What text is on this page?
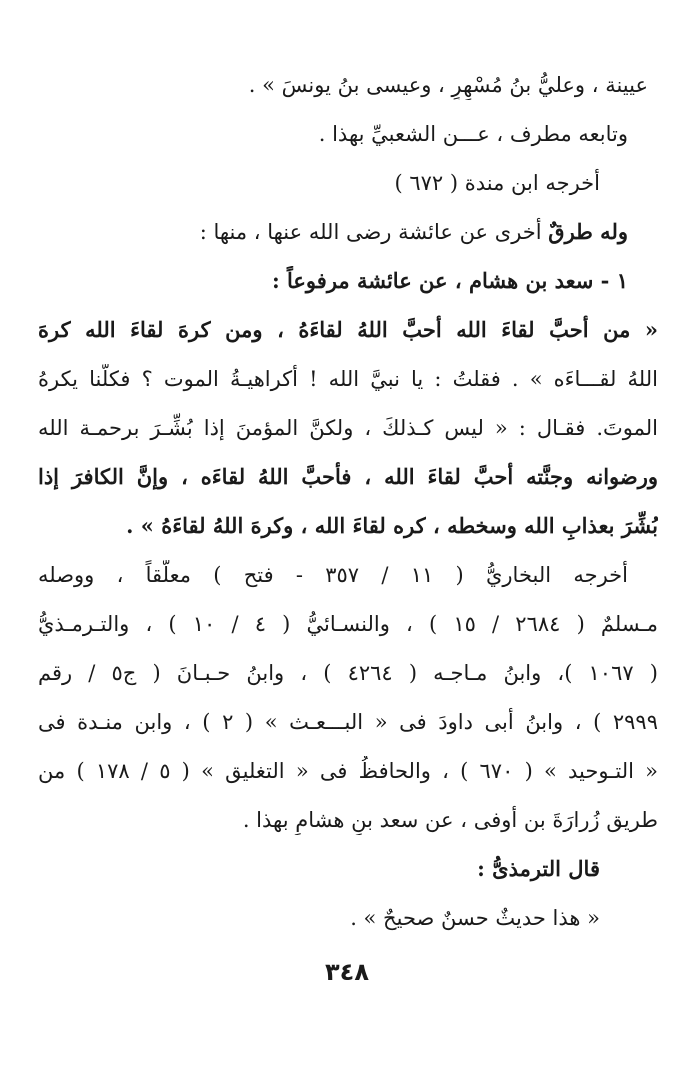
عيينة ، وعليُّ بنُ مُسْهِرٍ ، وعيسى بنُ يونسَ » .
وتابعه مطرف ، عـــن الشعبيِّ بهذا .
أخرجه ابن مندة ( ٦٧٢ )
وله طرقٌ أخرى عن عائشة رضى الله عنها ، منها :
١ - سعد بن هشام ، عن عائشة مرفوعاً :
« من أحبَّ لقاءَ الله أحبَّ اللهُ لقاءَهُ ، ومن كرهَ لقاءَ الله كرهَ
اللهُ لقـــاءَه » . فقلتُ : يا نبيَّ الله ! أكراهيـةُ الموت ؟ فكلُّنا يكرهُ
الموتَ. فقـال : « ليس كـذلكَ ، ولكنَّ المؤمنَ إذا بُشِّـرَ برحمـة الله
ورضوانه وجنَّته أحبَّ لقاءَ الله ، فأحبَّ اللهُ لقاءَه ، وإنَّ الكافرَ إذا
بُشِّرَ بعذابِ الله وسخطه ، كره لقاءَ الله ، وكرهَ اللهُ لقاءَهُ » .
أخرجه البخاريُّ ( ١١ / ٣٥٧ - فتح ) معلَّقاً ، ووصله
مـسلمٌ ( ٢٦٨٤ / ١٥ ) ، والنسـائيُّ ( ٤ / ١٠ ) ، والتـرمـذيُّ
( ١٠٦٧ )، وابنُ مـاجـه ( ٤٢٦٤ ) ، وابنُ حـبـانَ ( ج٥ / رقم
٢٩٩٩ ) ، وابنُ أبى داودَ فى « البـــعـث » ( ٢ ) ، وابن منـدة فى
« التـوحيد » ( ٦٧٠ ) ، والحافظُ فى « التغليق » ( ٥ / ١٧٨ ) من
طريق زُرارَةَ بن أوفى ، عن سعد بنِ هشامٍ بهذا .
قال الترمذىُّ :
« هذا حديثٌ حسنٌ صحيحٌ » .
٣٤٨
